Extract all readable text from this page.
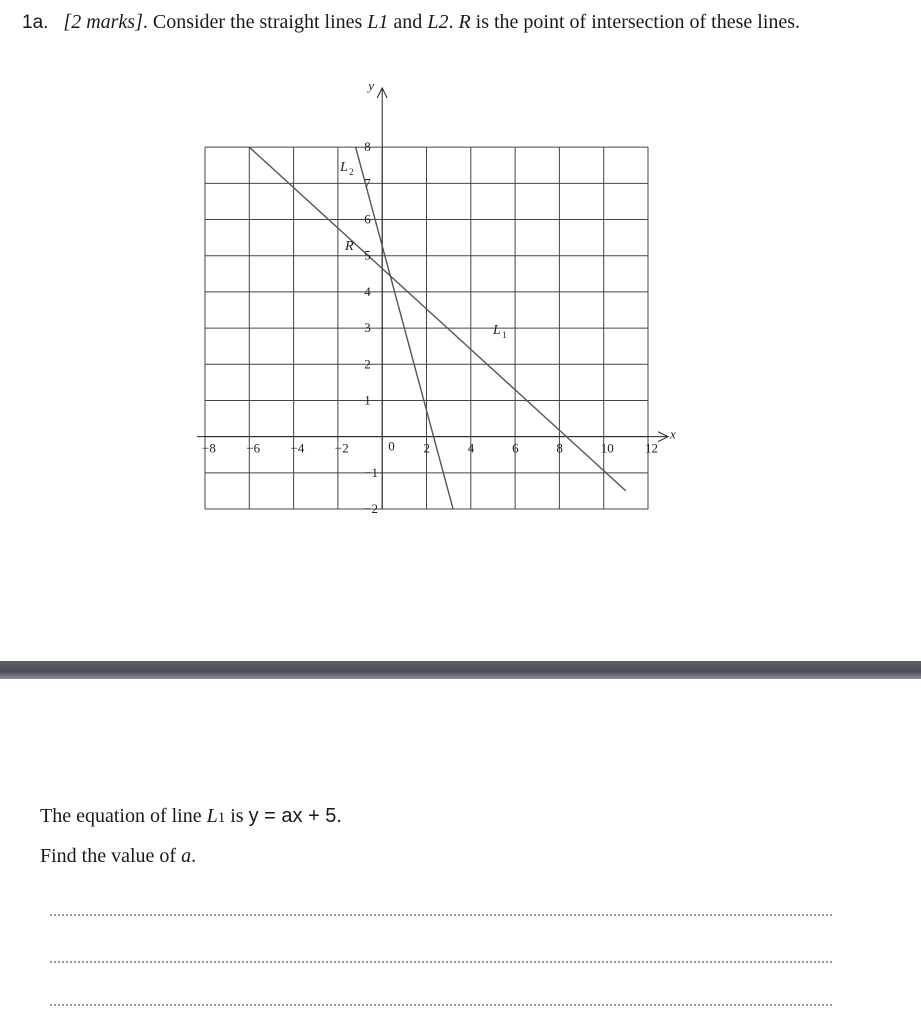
1a. [2 marks]. Consider the straight lines L1 and L2. R is the point of intersection of these lines.
−8 −6 −4 −2	2	4	6	8	10 12
−2
−1
1
2
3
4
5
6
7
8
0
x
y
L 1
L 2
R
The equation of line L1 is y = ax + 5.
Find the value of a.
